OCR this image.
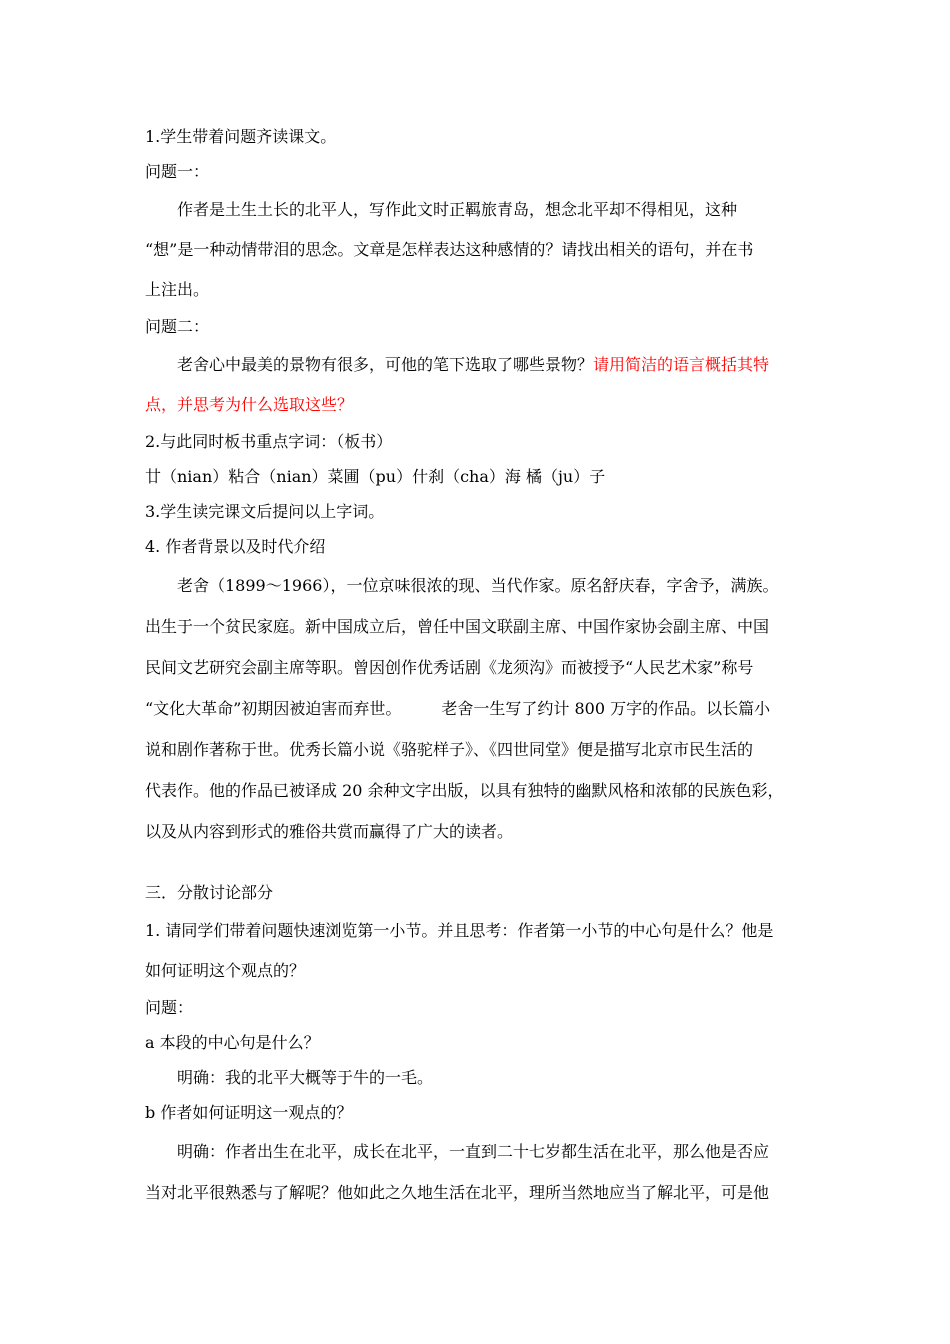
1.学生带着问题齐读课文。

问题一：

作者是土生土长的北平人，写作此文时正羁旅青岛，想念北平却不得相见，这种

“想”是一种动情带泪的思念。文章是怎样表达这种感情的？请找出相关的语句，并在书

上注出。

问题二：

老舍心中最美的景物有很多，可他的笔下选取了哪些景物？请用简洁的语言概括其特

点，并思考为什么选取这些？

2.与此同时板书重点字词：（板书）

廿（nian）粘合（nian）菜圃（pu）什刹（cha）海 橘（ju）子

3.学生读完课文后提问以上字词。

4. 作者背景以及时代介绍

老舍（1899～1966），一位京味很浓的现、当代作家。原名舒庆春，字舍予，满族。

出生于一个贫民家庭。新中国成立后，曾任中国文联副主席、中国作家协会副主席、中国

民间文艺研究会副主席等职。曾因创作优秀话剧《龙须沟》而被授予“人民艺术家”称号

“文化大革命”初期因被迫害而弃世。	老舍一生写了约计 800 万字的作品。以长篇小

说和剧作著称于世。优秀长篇小说《骆驼样子》、《四世同堂》便是描写北京市民生活的

代表作。他的作品已被译成 20 余种文字出版，以具有独特的幽默风格和浓郁的民族色彩，

以及从内容到形式的雅俗共赏而赢得了广大的读者。

三．分散讨论部分

1. 请同学们带着问题快速浏览第一小节。并且思考：作者第一小节的中心句是什么？他是

如何证明这个观点的？

问题：

a 本段的中心句是什么？

明确：我的北平大概等于牛的一毛。

b 作者如何证明这一观点的？

明确：作者出生在北平，成长在北平，一直到二十七岁都生活在北平，那么他是否应

当对北平很熟悉与了解呢？他如此之久地生活在北平，理所当然地应当了解北平，可是他
